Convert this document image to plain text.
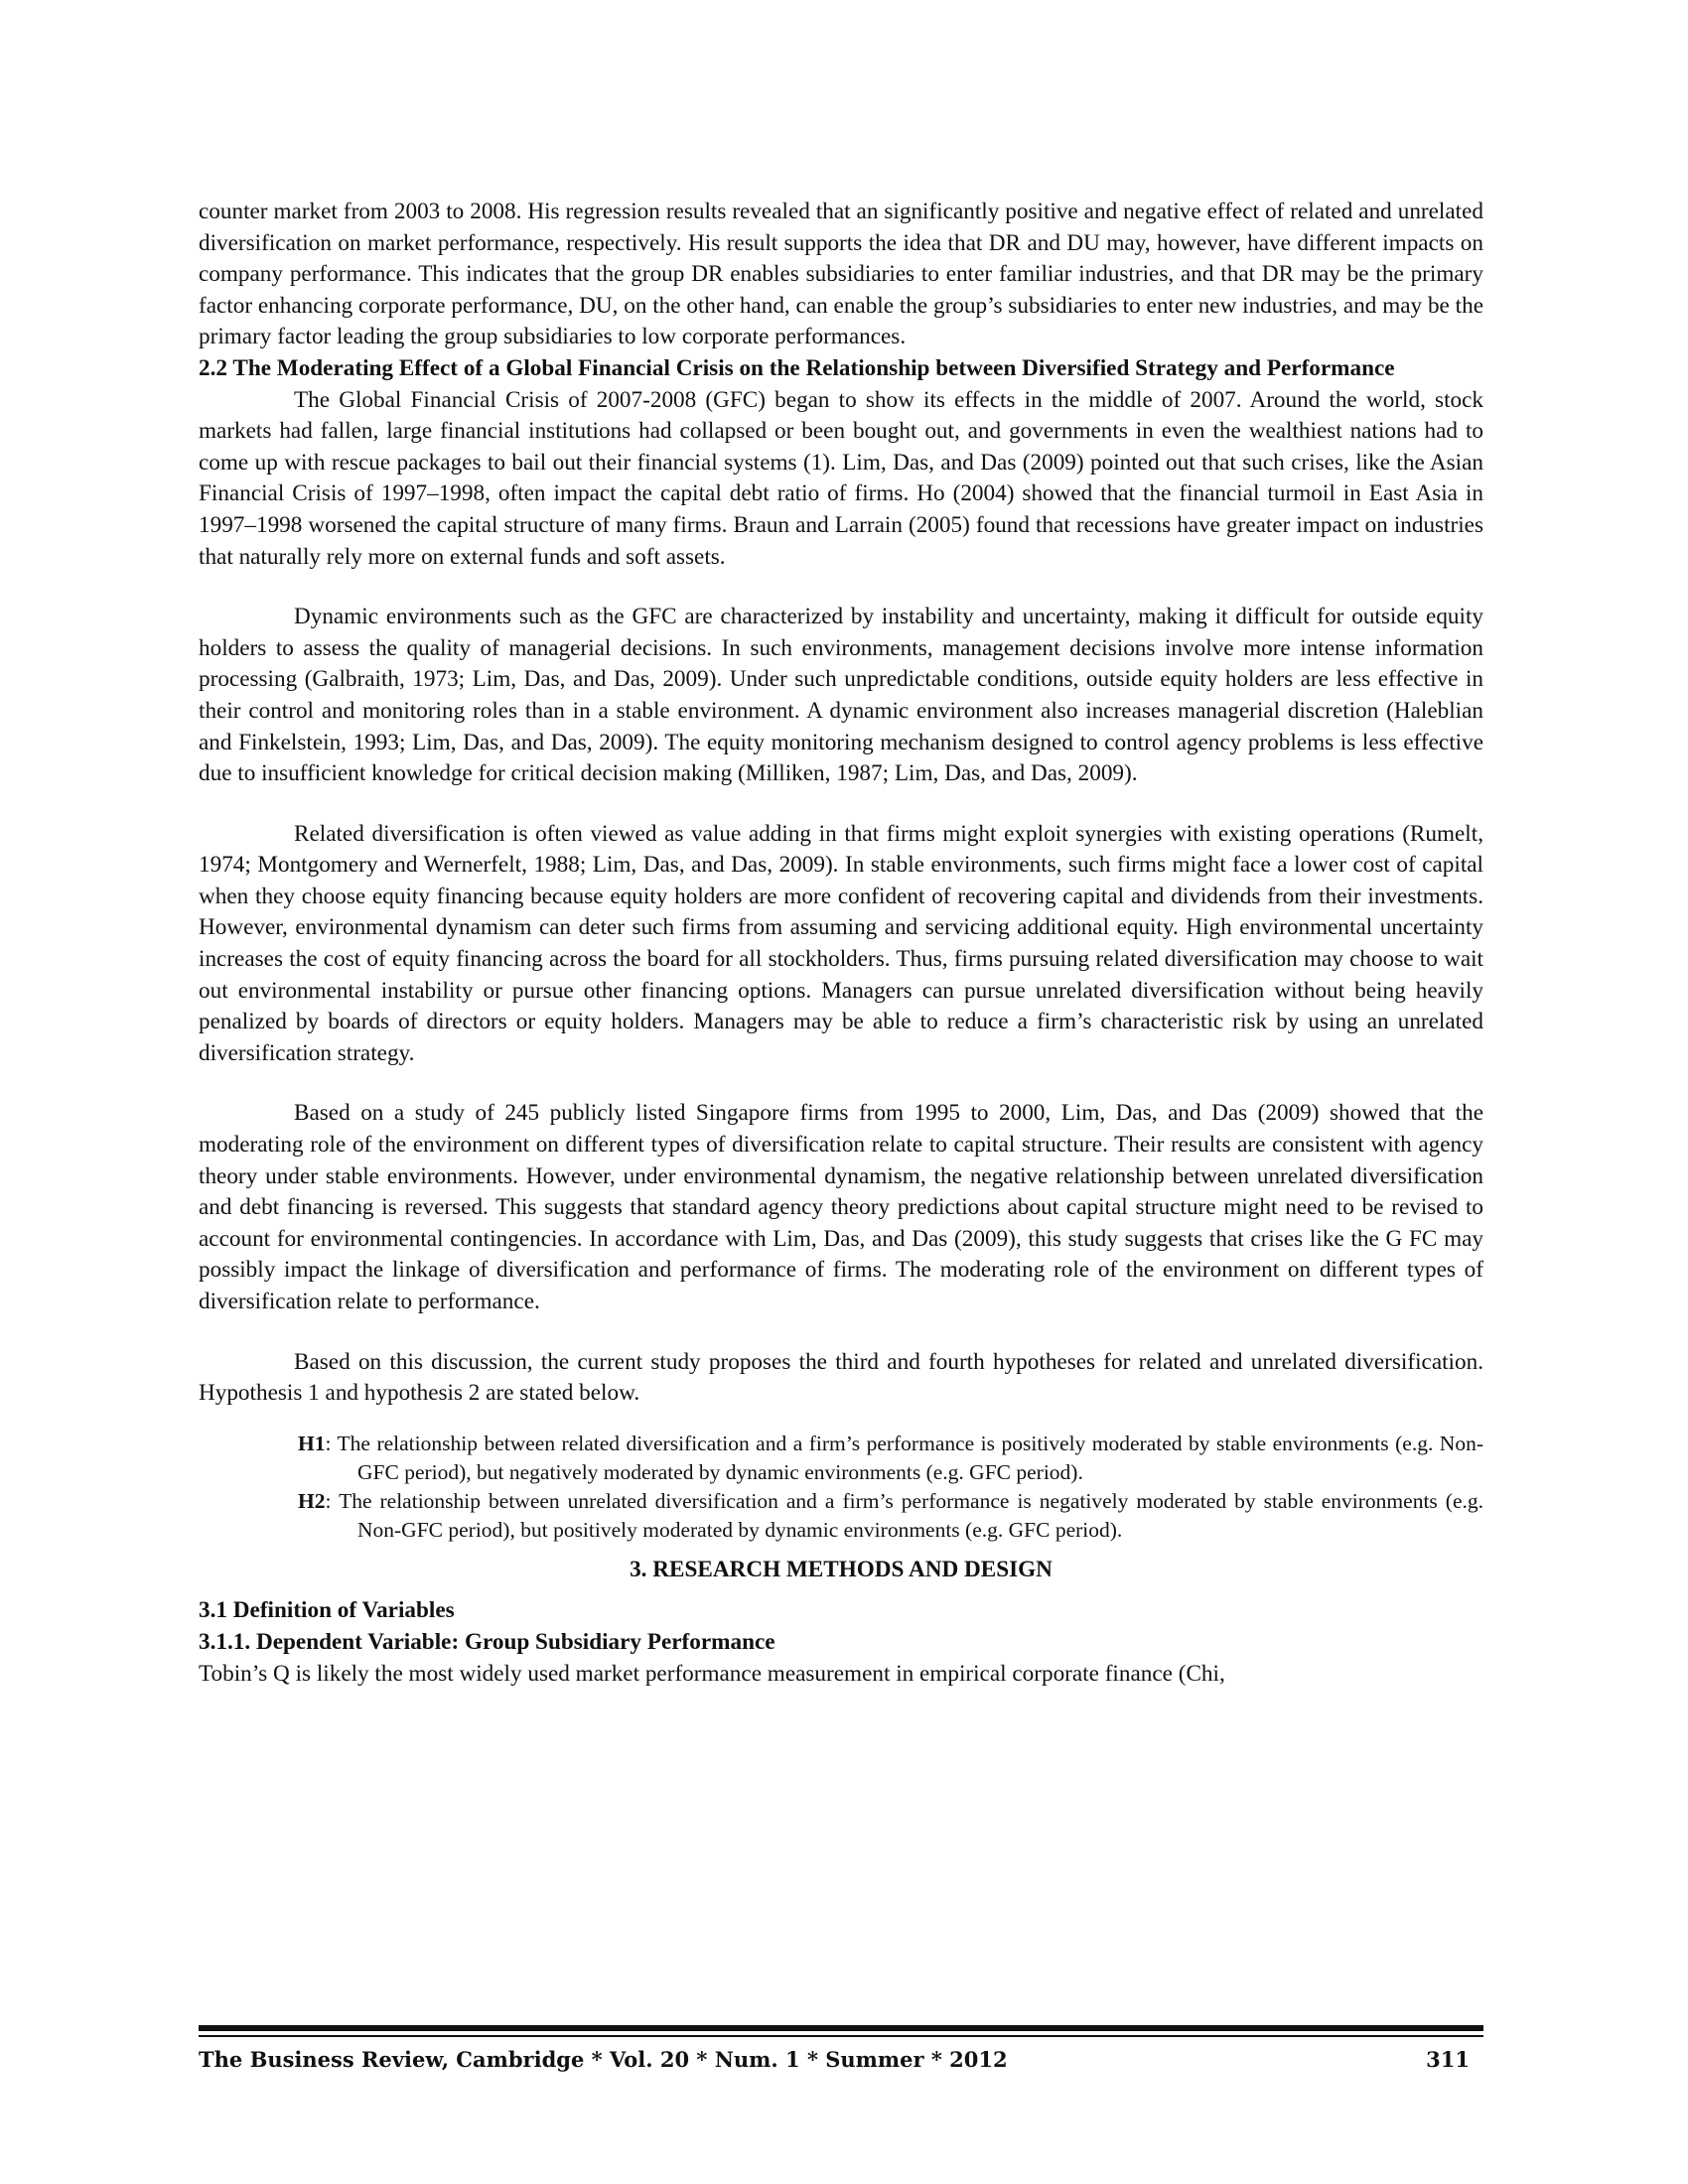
counter market from 2003 to 2008. His regression results revealed that an significantly positive and negative effect of related and unrelated diversification on market performance, respectively. His result supports the idea that DR and DU may, however, have different impacts on company performance. This indicates that the group DR enables subsidiaries to enter familiar industries, and that DR may be the primary factor enhancing corporate performance, DU, on the other hand, can enable the group’s subsidiaries to enter new industries, and may be the primary factor leading the group subsidiaries to low corporate performances.

2.2 The Moderating Effect of a Global Financial Crisis on the Relationship between Diversified Strategy and Performance

The Global Financial Crisis of 2007-2008 (GFC) began to show its effects in the middle of 2007. Around the world, stock markets had fallen, large financial institutions had collapsed or been bought out, and governments in even the wealthiest nations had to come up with rescue packages to bail out their financial systems (1). Lim, Das, and Das (2009) pointed out that such crises, like the Asian Financial Crisis of 1997–1998, often impact the capital debt ratio of firms. Ho (2004) showed that the financial turmoil in East Asia in 1997–1998 worsened the capital structure of many firms. Braun and Larrain (2005) found that recessions have greater impact on industries that naturally rely more on external funds and soft assets.

Dynamic environments such as the GFC are characterized by instability and uncertainty, making it difficult for outside equity holders to assess the quality of managerial decisions. In such environments, management decisions involve more intense information processing (Galbraith, 1973; Lim, Das, and Das, 2009). Under such unpredictable conditions, outside equity holders are less effective in their control and monitoring roles than in a stable environment. A dynamic environment also increases managerial discretion (Haleblian and Finkelstein, 1993; Lim, Das, and Das, 2009). The equity monitoring mechanism designed to control agency problems is less effective due to insufficient knowledge for critical decision making (Milliken, 1987; Lim, Das, and Das, 2009).

Related diversification is often viewed as value adding in that firms might exploit synergies with existing operations (Rumelt, 1974; Montgomery and Wernerfelt, 1988; Lim, Das, and Das, 2009). In stable environments, such firms might face a lower cost of capital when they choose equity financing because equity holders are more confident of recovering capital and dividends from their investments. However, environmental dynamism can deter such firms from assuming and servicing additional equity. High environmental uncertainty increases the cost of equity financing across the board for all stockholders. Thus, firms pursuing related diversification may choose to wait out environmental instability or pursue other financing options. Managers can pursue unrelated diversification without being heavily penalized by boards of directors or equity holders. Managers may be able to reduce a firm’s characteristic risk by using an unrelated diversification strategy.

Based on a study of 245 publicly listed Singapore firms from 1995 to 2000, Lim, Das, and Das (2009) showed that the moderating role of the environment on different types of diversification relate to capital structure. Their results are consistent with agency theory under stable environments. However, under environmental dynamism, the negative relationship between unrelated diversification and debt financing is reversed. This suggests that standard agency theory predictions about capital structure might need to be revised to account for environmental contingencies. In accordance with Lim, Das, and Das (2009), this study suggests that crises like the G FC may possibly impact the linkage of diversification and performance of firms. The moderating role of the environment on different types of diversification relate to performance.

Based on this discussion, the current study proposes the third and fourth hypotheses for related and unrelated diversification. Hypothesis 1 and hypothesis 2 are stated below.

H1: The relationship between related diversification and a firm’s performance is positively moderated by stable environments (e.g. Non-GFC period), but negatively moderated by dynamic environments (e.g. GFC period).

H2: The relationship between unrelated diversification and a firm’s performance is negatively moderated by stable environments (e.g. Non-GFC period), but positively moderated by dynamic environments (e.g. GFC period).

3. RESEARCH METHODS AND DESIGN

3.1 Definition of Variables

3.1.1. Dependent Variable: Group Subsidiary Performance

Tobin’s Q is likely the most widely used market performance measurement in empirical corporate finance (Chi,

The Business Review, Cambridge * Vol. 20 * Num. 1 * Summer * 2012	311
